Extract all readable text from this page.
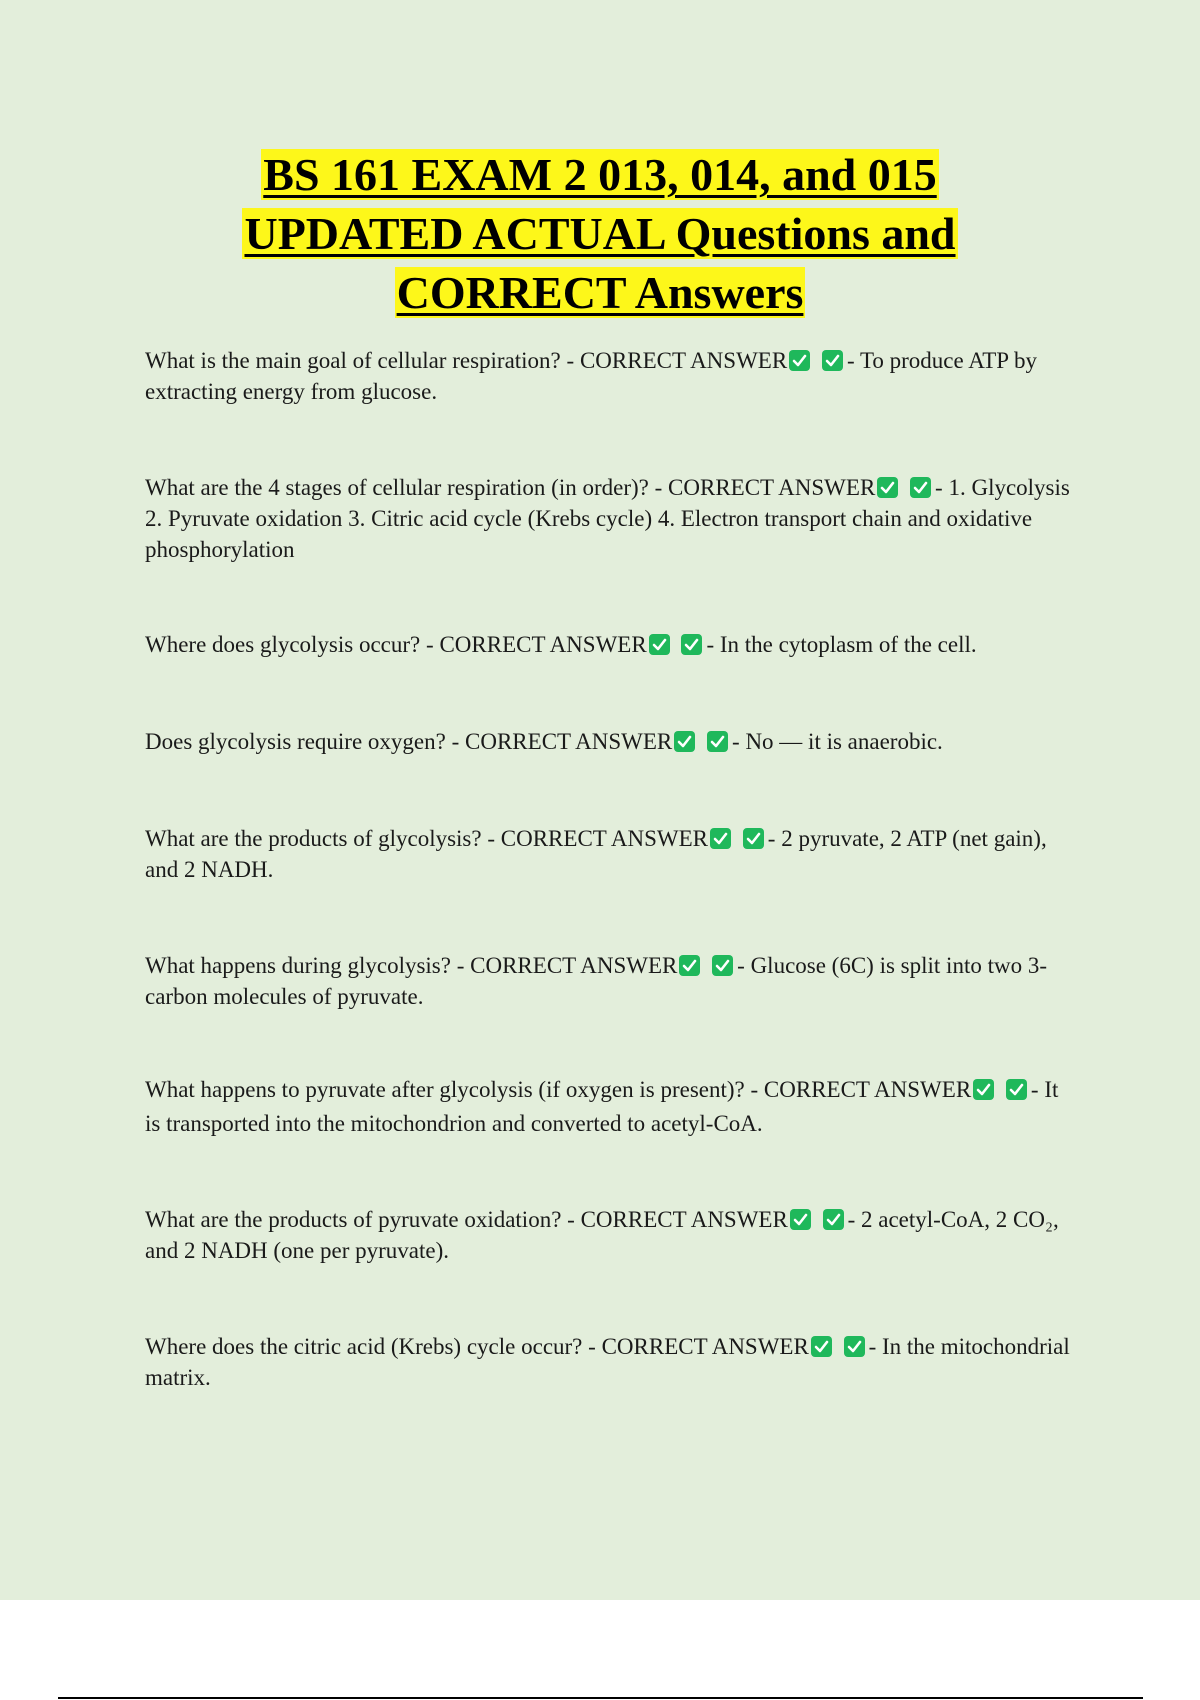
BS 161 EXAM 2 013, 014, and 015
UPDATED ACTUAL Questions and
CORRECT Answers
What is the main goal of cellular respiration? - CORRECT ANSWER
	- To produce ATP by extracting energy from glucose.
What are the 4 stages of cellular respiration (in order)? - CORRECT ANSWER
	- 1. Glycolysis 2. Pyruvate oxidation 3. Citric acid cycle (Krebs cycle) 4. Electron transport chain and oxidative phosphorylation
Where does glycolysis occur? - CORRECT ANSWER
	- In the cytoplasm of the cell.
Does glycolysis require oxygen? - CORRECT ANSWER
	- No — it is anaerobic.
What are the products of glycolysis? - CORRECT ANSWER
	- 2 pyruvate, 2 ATP (net gain), and 2 NADH.
What happens during glycolysis? - CORRECT ANSWER
	- Glucose (6C) is split into two 3-carbon molecules of pyruvate.
What happens to pyruvate after glycolysis (if oxygen is present)? - CORRECT ANSWER
	- It is transported into the mitochondrion and converted to acetyl-CoA.
What are the products of pyruvate oxidation? - CORRECT ANSWER
	- 2 acetyl-CoA, 2 CO₂, and 2 NADH (one per pyruvate).
Where does the citric acid (Krebs) cycle occur? - CORRECT ANSWER
	- In the mitochondrial matrix.
